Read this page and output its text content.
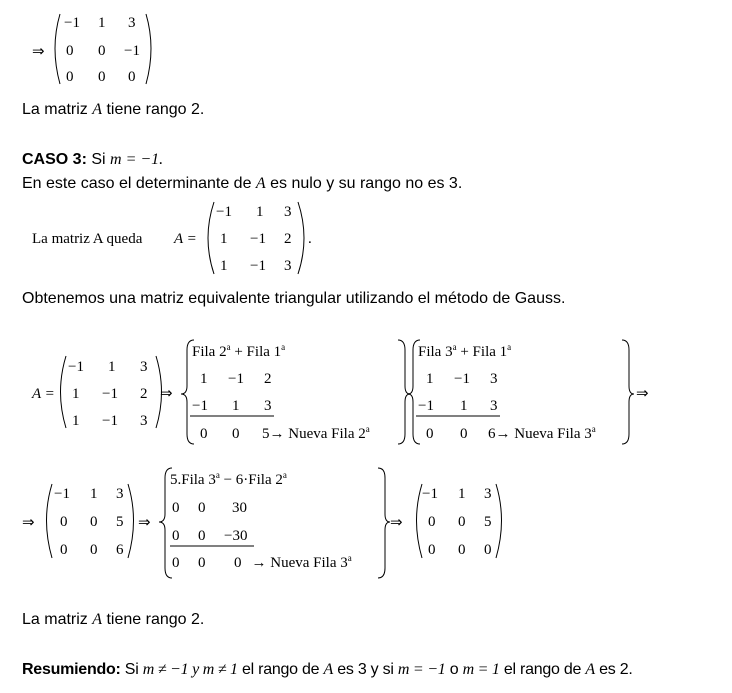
⇒
−1 1 3
0 0 −1
0 0 0
La matriz A queda A =
−1 1 3
1 −1 2
1 −1 3
.
A =
−1 1 3
1 −1 2
1 −1 3
⇒
Fila $2^a$ + Fila 1$^a$
1 −1 2
−1 1 3
0 0 5→ Nueva Fila 2$^a$
Fila $3^a$ + Fila 1$^a$
1 −1 3
−1 1 3
0 0 6→ Nueva Fila 3$^a$
⇒
⇒
−1 1 3
0 0 5
0 0 6
⇒
5.Fila $3^a$ − 6·Fila 2$^a$
0 0 30
0 0 −30
0 0 0 → Nueva Fila 3$^a$
⇒
−1 1 3
0 0 5
0 0 0
La matriz A tiene rango 2.
CASO 3: Si m = −1.
En este caso el determinante de A es nulo y su rango no es 3.
Obtenemos una matriz equivalente triangular utilizando el método de Gauss.
La matriz A tiene rango 2.
Resumiendo: Si m ≠ −1 y m ≠ 1 el rango de A es 3 y si m = −1 o m = 1 el rango de A es 2.
